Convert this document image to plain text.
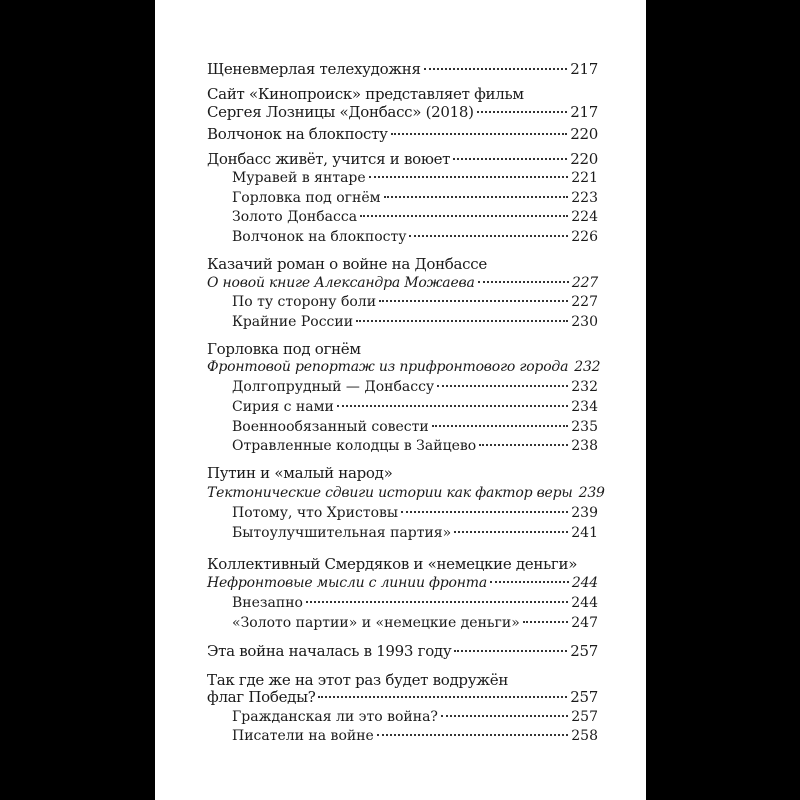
Щеневмерлая телехудожня	217
Сайт «Кинопроиск» представляет фильм
Сергея Лозницы «Донбасс» (2018)	217
Волчонок на блокпосту	220
Донбасс живёт, учится и воюет	220
Муравей в янтаре	221
Горловка под огнём	223
Золото Донбасса	224
Волчонок на блокпосту	226
Казачий роман о войне на Донбассе
О новой книге Александра Можаева	227
По ту сторону боли	227
Крайние России	230
Горловка под огнём
Фронтовой репортаж из прифронтового города 232
Долгопрудный — Донбассу	232
Сирия с нами	234
Военнообязанный совести	235
Отравленные колодцы в Зайцево	238
Путин и «малый народ»
Тектонические сдвиги истории как фактор веры 239
Потому, что Христовы	239
Бытоулучшительная партия»	241
Коллективный Смердяков и «немецкие деньги»
Нефронтовые мысли с линии фронта	244
Внезапно	244
«Золото партии» и «немецкие деньги»	247
Эта война началась в 1993 году	257
Так где же на этот раз будет водружён
флаг Победы?	257
Гражданская ли это война?	257
Писатели на войне	258
